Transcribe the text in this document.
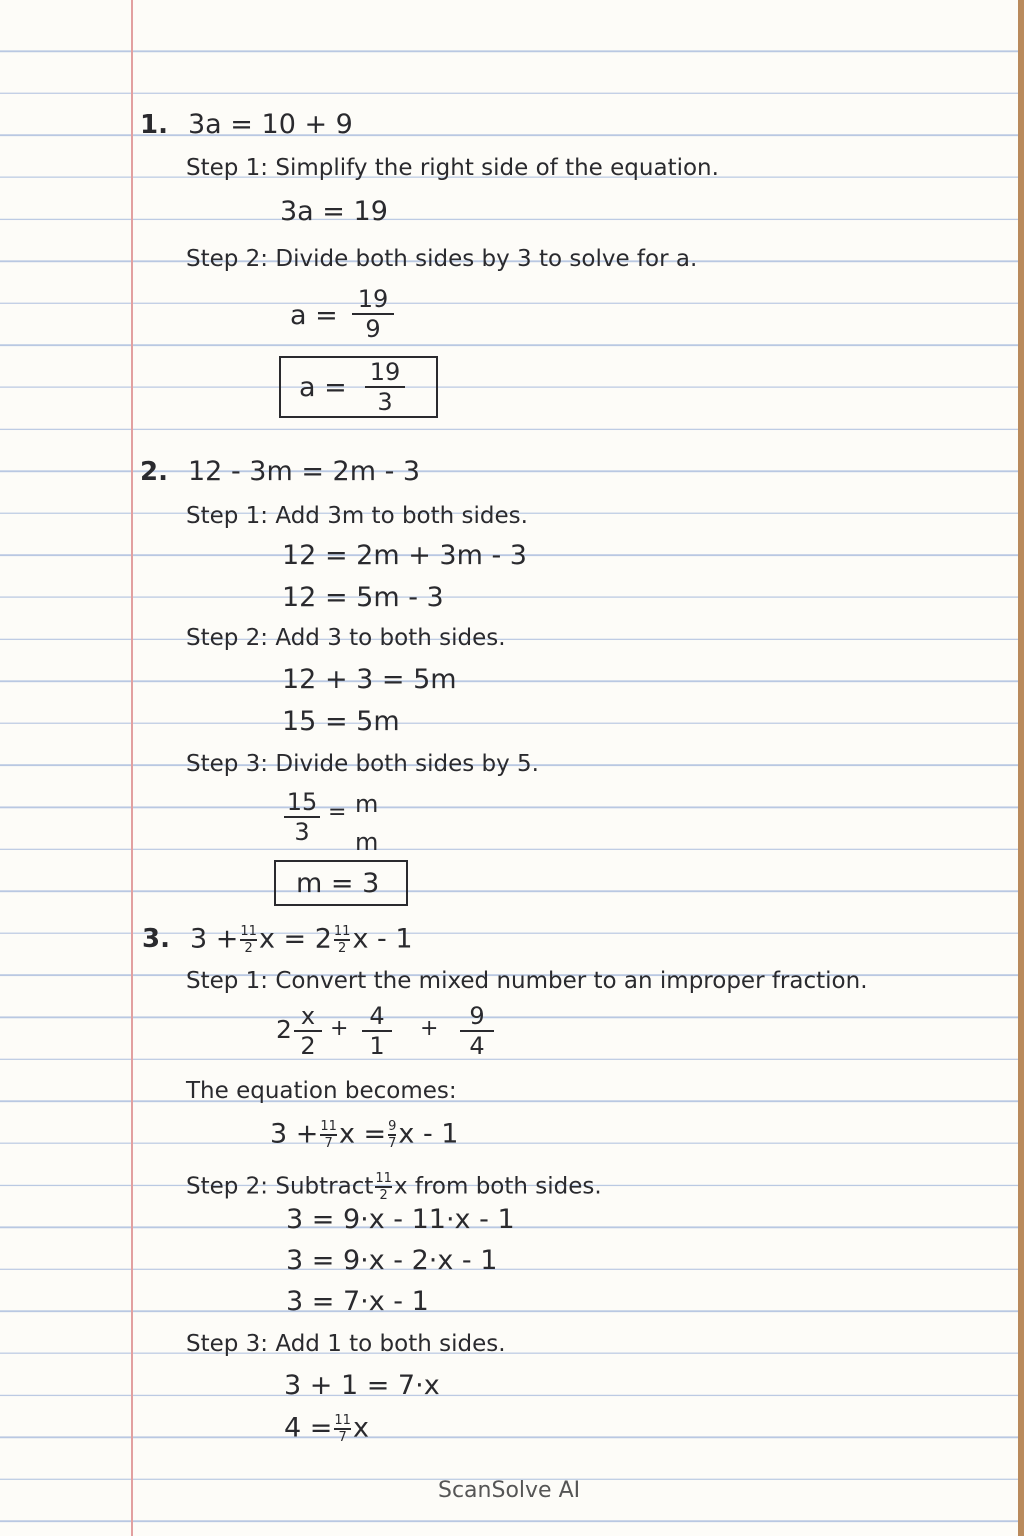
1. 3a = 10 + 9
Step 1: Simplify the right side of the equation.
3a = 19
Step 2: Divide both sides by 3 to solve for a.
a =
19
9
a = 19
3
2. 12 - 3m = 2m - 3
Step 1: Add 3m to both sides.
12 = 2m + 3m - 3
12 = 5m - 3
Step 2: Add 3 to both sides.
12 + 3 = 5m
15 = 5m
Step 3: Divide both sides by 5.
15
3
= m
m
m = 3
3. $3 + \frac{11}{2}$ $x = 2 \frac{11}{2}$ x - 1
Step 1: Convert the mixed number to an improper fraction.
2 x
2
+ 4
1
+ 9
4
The equation becomes:
$3 + \frac{11}{7}$ $x = \frac{9}{7}$ x - 1
Step 2: Subtract $\frac{11}{2}$ x from both sides.
3 = 9·x - 11·x - 1
3 = 9·x - 2·x - 1
3 = 7·x - 1
Step 3: Add 1 to both sides.
3 + 1 = 7·x
$4 = \frac{11}{7}$ x
ScanSolve AI
